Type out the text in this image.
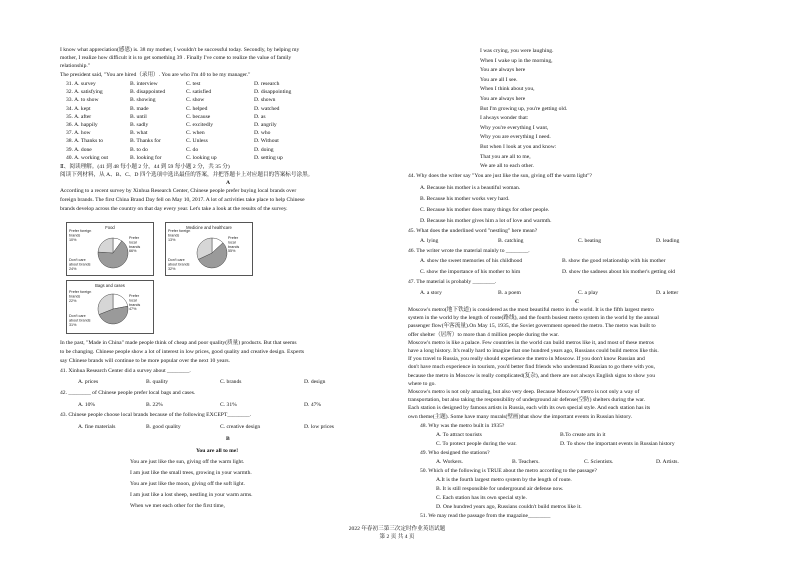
I know what appreciation(感恩) is. 38 my mother, I wouldn't be successful today. Secondly, by helping my
mother, I realize how difficult it is to get something 39 . Finally I've come to realize the value of family
relationship."
The president said, "You are hired（录用）. You are who I'm 40 to be my manager."
31. A. survey	B. interview	C. test	D. research
32. A. satisfying	B. disappointed	C. satisfied	D. disappointing
33. A. to show	B. showing	C. show	D. shown
34. A. kept	B. made	C. helped	D. watched
35. A. after	B. until	C. because	D. as
36. A. happily	B. sadly	C. excitedly	D. angrily
37. A. how	B. what	C. when	D. who
38. A. Thanks to	B. Thanks for	C. Unless	D. Without
39. A. done	B. to do	C. do	D. doing
40. A. working out	B. looking for	C. looking up	D. setting up
Ⅱ、阅读理解。(41 到 48 每小题 2 分，44 到 59 每小题 2 分，共 35 分)
阅读下列材料，从 A、B、C、D 四个选项中选出最佳的答案，并把答题卡上对应题目的答案标号涂黑。
A
According to a recent survey by Xinhua Research Center, Chinese people prefer buying local brands over
foreign brands. The first China Brand Day fell on May 10, 2017. A lot of activities take place to help Chinese
brands develop across the country on that day every year. Let's take a look at the results of the survey.
Food
Prefer foreign
brands
10%	Prefer
local
brands
66%
Don't care
about brands
24%
Medicine and healthcare
Prefer foreign
brands
13%	Prefer
local
brands
55%
Don't care
about brands
32%
Bags and cases
Prefer foreign
brands
22%
Prefer
local
brands
47%
Don't care
about brands
31%
In the past, "Made in China" made people think of cheap and poor quality(质量) products. But that seems
to be changing. Chinese people show a lot of interest in low prices, good quality and creative design. Experts
say Chinese brands will continue to be more popular over the next 10 years.
41. Xinhua Research Center did a survey about ________.
A. prices	B. quality	C. brands	D. design
42. ________ of Chinese people prefer local bags and cases.
A. 10%	B. 22%	C. 31%	D. 47%
43. Chinese people choose local brands because of the following EXCEPT________.
A. fine materials	B. good quality	C. creative design	D. low prices
B
You are all to me!
You are just like the sun, giving off the warm light.
I am just like the small trees, growing in your warmth.
You are just like the moon, giving off the soft light.
I am just like a lost sheep, nestling in your warm arms.
When we met each other for the first time,
I was crying, you were laughing.
When I wake up in the morning,
You are always here
You are all I see.
When I think about you,
You are always here
But I'm growing up, you're getting old.
I always wonder that:
Why you're everything I want,
Why you are everything I need.
But when I look at you and know:
That you are all to me,
We are all to each other.
44. Why does the writer say "You are just like the sun, giving off the warm light"?
A. Because his mother is a beautiful woman.
B. Because his mother works very hard.
C. Because his mother does many things for other people.
D. Because his mother gives him a lot of love and warmth.
45. What does the underlined word "nestling" here mean?
A. lying	B. catching	C. beating	D. leading
46. The writer wrote the material mainly to ________.
A. show the sweet memories of his childhood	B. show the good relationship with his mother
C. show the importance of his mother to him	D. show the sadness about his mother's getting old
47. The material is probably ________.
A. a story	B. a poem	C. a play	D. a letter
C
Moscow's metro(地下铁道) is considered as the most beautiful metro in the world. It is the fifth largest metro
system in the world by the length of route(路线), and the fourth busiest metro system in the world by the annual
passenger flow(年客流量).On May 15, 1935, the Soviet government opened the metro. The metro was built to
offer shelter（居所）to more than 4 million people during the war.
Moscow's metro is like a palace. Few countries in the world can build metros like it, and most of these metros
have a long history. It's really hard to imagine that one hundred years ago, Russians could build metros like this.
If you travel to Russia, you really should experience the metro in Moscow. If you don't know Russian and
don't have much experience in tourism, you'd better find friends who understand Russian to go there with you,
because the metro in Moscow is really complicated(复杂), and there are not always English signs to show you
where to go.
Moscow's metro is not only amazing, but also very deep. Because Moscow's metro is not only a way of
transportation, but also taking the responsibility of underground air defense(空防) shelters during the war.
Each station is designed by famous artists in Russia, each with its own special style. And each station has its
own theme(主题). Some have many murals(壁画)that show the important events in Russian history.
48. Why was the metro built in 1935?
A. To attract tourists	B.To create arts in it
C. To protect people during the war.	D. To show the important events in Russian history
49. Who designed the stations?
A. Workers.	B. Teachers.	C. Scientists.	D. Artists.
50. Which of the following is TRUE about the metro according to the passage?
A.It is the fourth largest metro system by the length of route.
B. It is still responsible for underground air defense now.
C. Each station has its own special style.
D. One hundred years ago, Russians couldn't build metros like it.
51. We may read the passage from the magazine________
2022 年春初三第三次定时作业英语试题
第 2 页 共 4 页
